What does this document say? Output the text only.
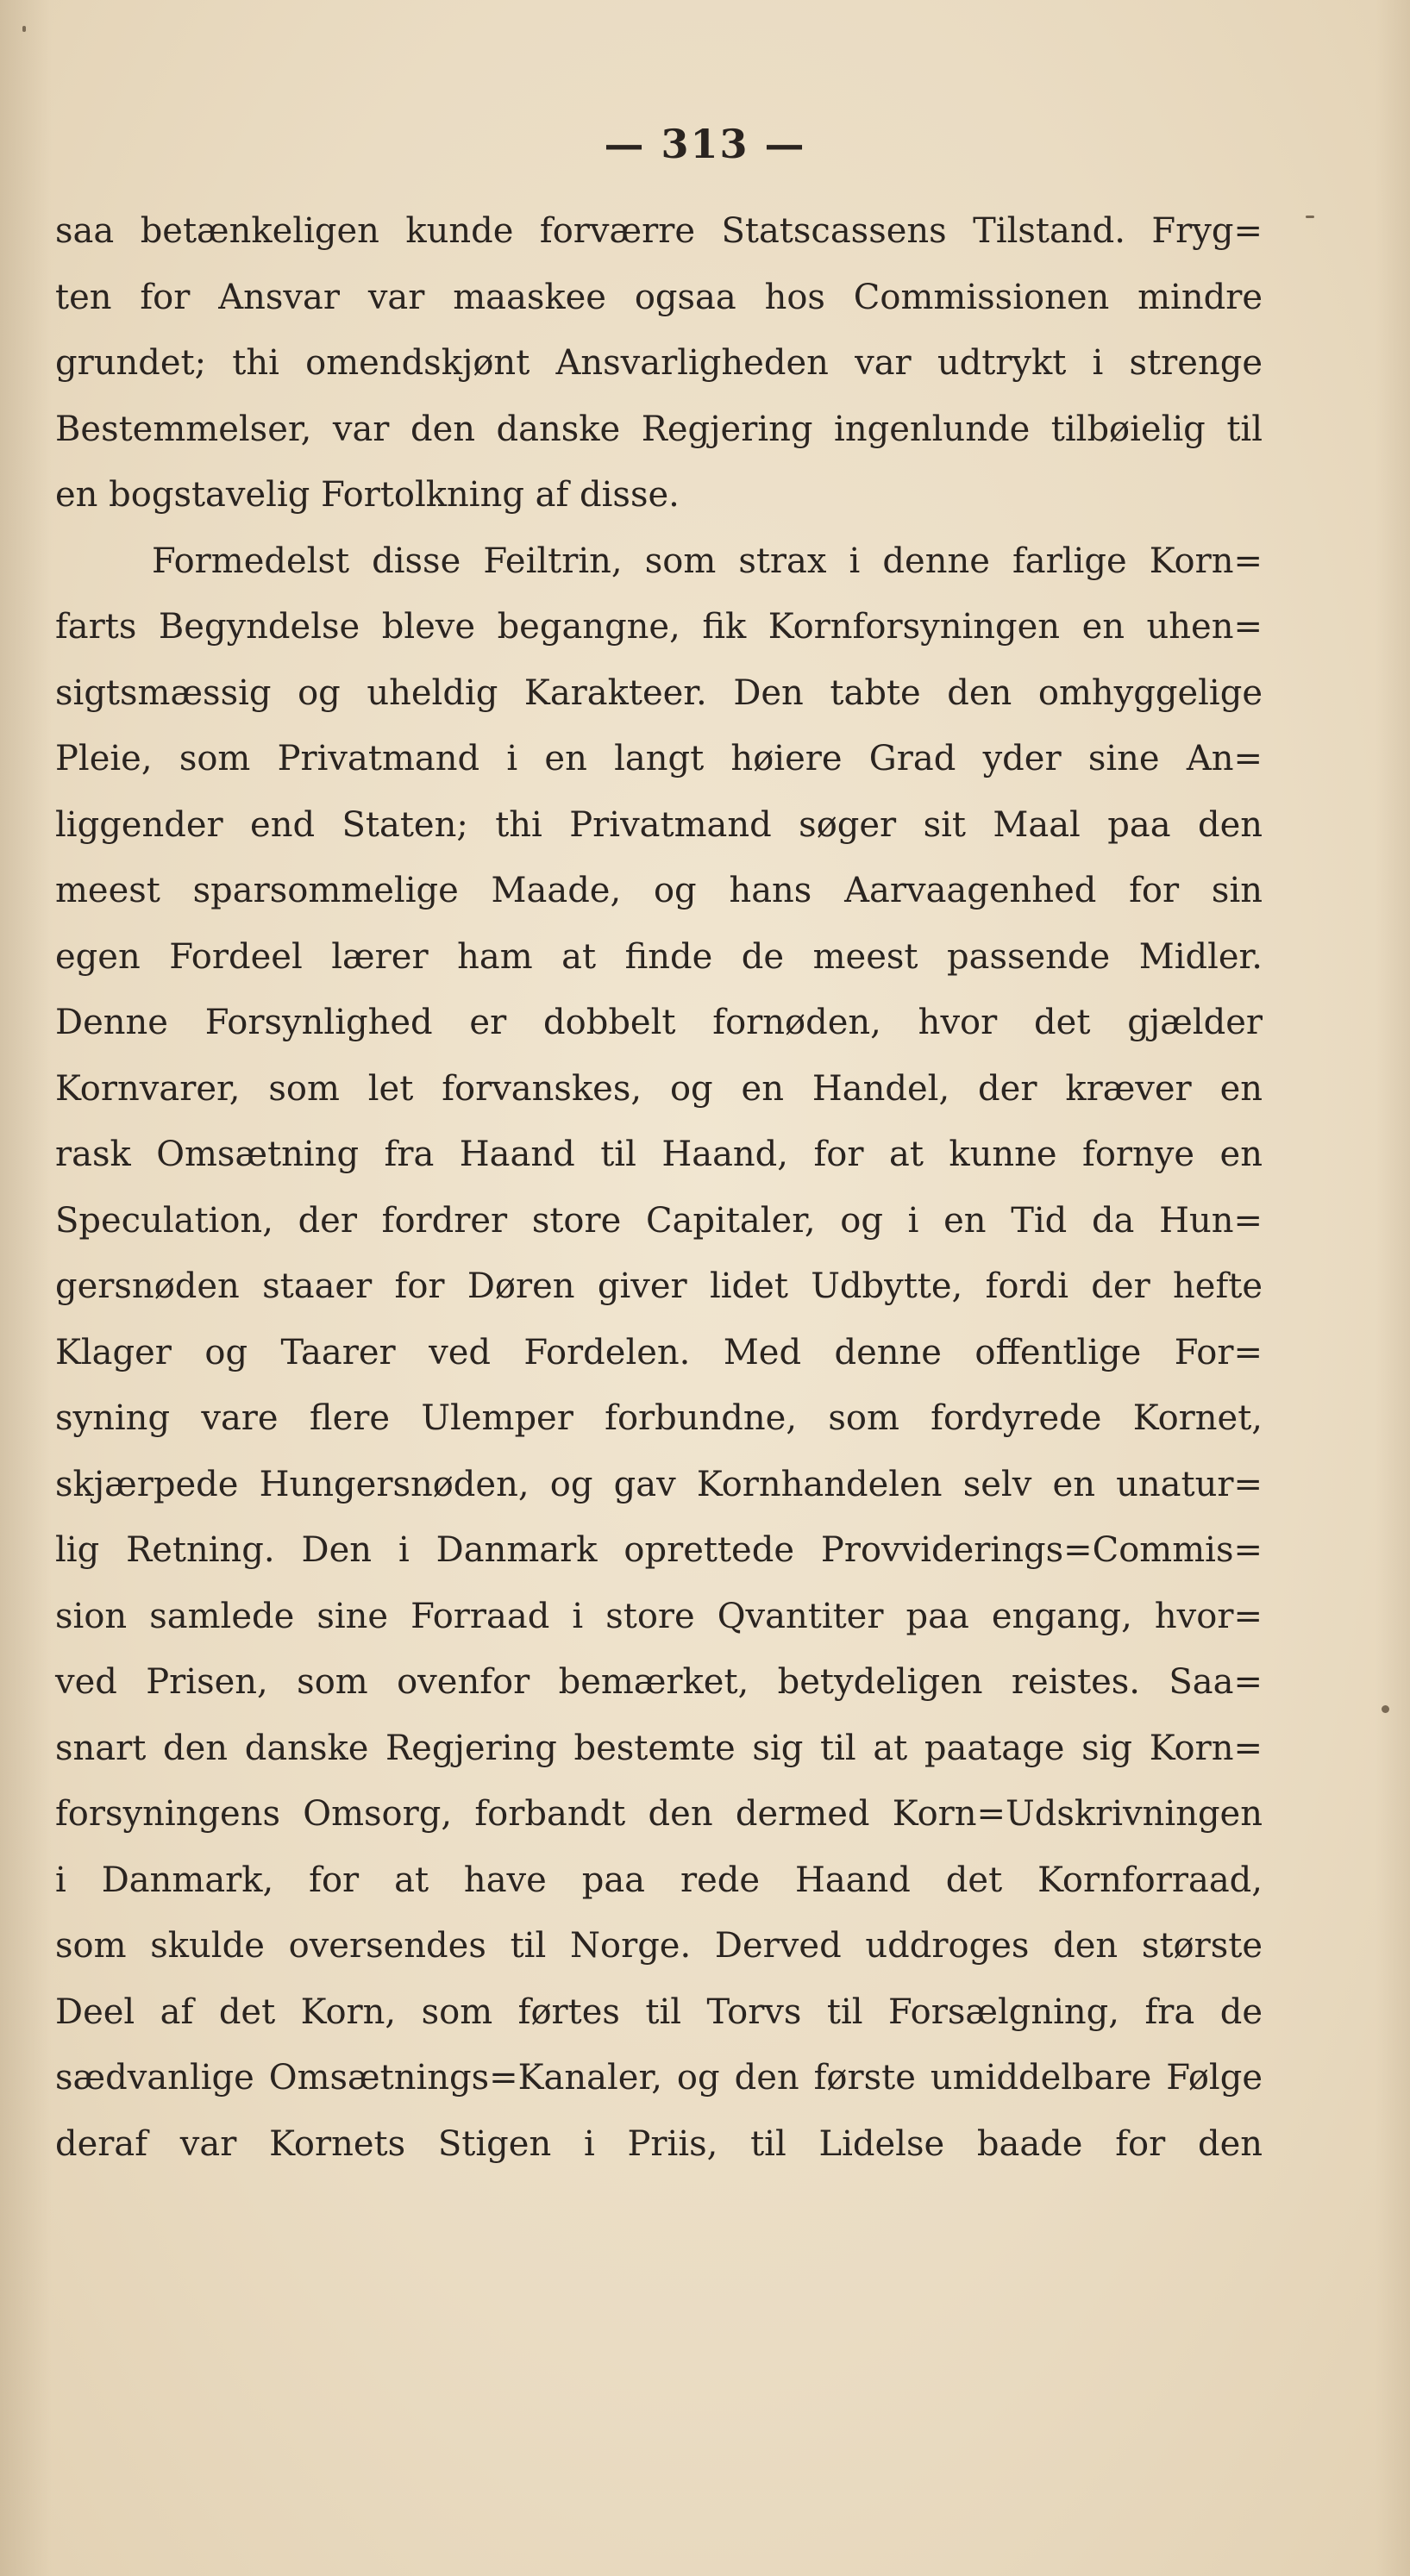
— 313 —
saa betænkeligen kunde forværre Statscassens Tilstand. Fryg=
ten for Ansvar var maaskee ogsaa hos Commissionen mindre
grundet; thi omendskjønt Ansvarligheden var udtrykt i strenge
Bestemmelser, var den danske Regjering ingenlunde tilbøielig til
en bogstavelig Fortolkning af disse.
Formedelst disse Feiltrin, som strax i denne farlige Korn=
farts Begyndelse bleve begangne, fik Kornforsyningen en uhen=
sigtsmæssig og uheldig Karakteer. Den tabte den omhyggelige
Pleie, som Privatmand i en langt høiere Grad yder sine An=
liggender end Staten; thi Privatmand søger sit Maal paa den
meest sparsommelige Maade, og hans Aarvaagenhed for sin
egen Fordeel lærer ham at finde de meest passende Midler.
Denne Forsynlighed er dobbelt fornøden, hvor det gjælder
Kornvarer, som let forvanskes, og en Handel, der kræver en
rask Omsætning fra Haand til Haand, for at kunne fornye en
Speculation, der fordrer store Capitaler, og i en Tid da Hun=
gersnøden staaer for Døren giver lidet Udbytte, fordi der hefte
Klager og Taarer ved Fordelen. Med denne offentlige For=
syning vare flere Ulemper forbundne, som fordyrede Kornet,
skjærpede Hungersnøden, og gav Kornhandelen selv en unatur=
lig Retning. Den i Danmark oprettede Provviderings=Commis=
sion samlede sine Forraad i store Qvantiter paa engang, hvor=
ved Prisen, som ovenfor bemærket, betydeligen reistes. Saa=
snart den danske Regjering bestemte sig til at paatage sig Korn=
forsyningens Omsorg, forbandt den dermed Korn=Udskrivningen
i Danmark, for at have paa rede Haand det Kornforraad,
som skulde oversendes til Norge. Derved uddroges den største
Deel af det Korn, som førtes til Torvs til Forsælgning, fra de
sædvanlige Omsætnings=Kanaler, og den første umiddelbare Følge
deraf var Kornets Stigen i Priis, til Lidelse baade for den
